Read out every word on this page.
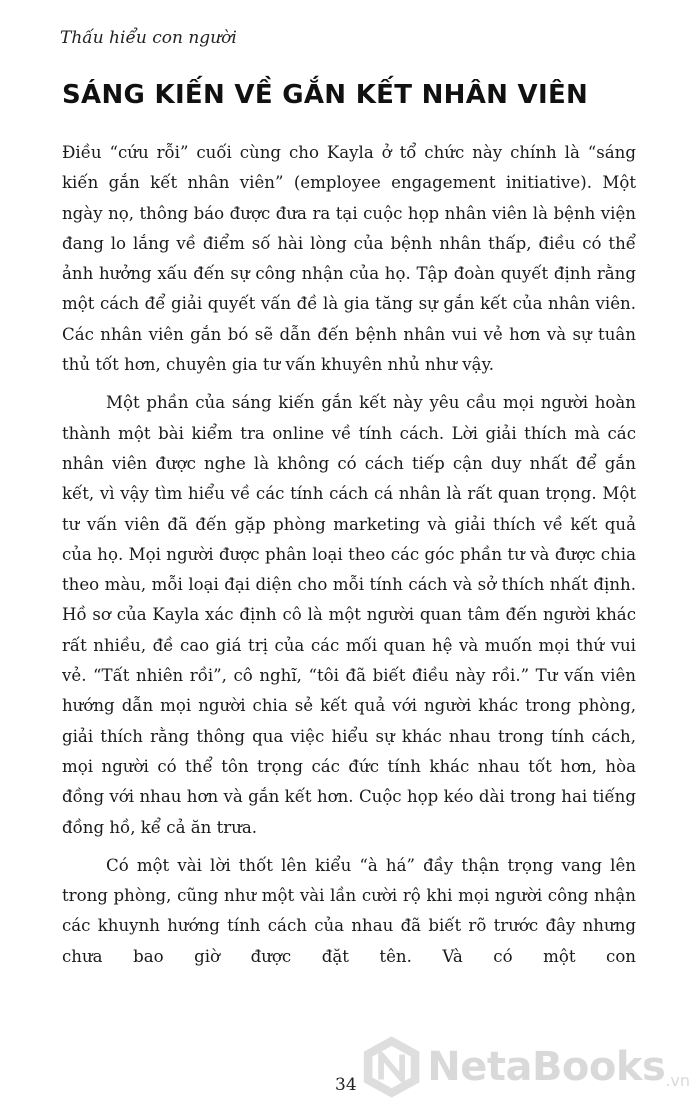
Thấu hiểu con người
SÁNG KIẾN VỀ GẮN KẾT NHÂN VIÊN

Điều “cứu rỗi” cuối cùng cho Kayla ở tổ chức này chính là “sáng kiến gắn kết nhân viên” (employee engagement initiative). Một ngày nọ, thông báo được đưa ra tại cuộc họp nhân viên là bệnh viện đang lo lắng về điểm số hài lòng của bệnh nhân thấp, điều có thể ảnh hưởng xấu đến sự công nhận của họ. Tập đoàn quyết định rằng một cách để giải quyết vấn đề là gia tăng sự gắn kết của nhân viên. Các nhân viên gắn bó sẽ dẫn đến bệnh nhân vui vẻ hơn và sự tuân thủ tốt hơn, chuyên gia tư vấn khuyên nhủ như vậy.

Một phần của sáng kiến gắn kết này yêu cầu mọi người hoàn thành một bài kiểm tra online về tính cách. Lời giải thích mà các nhân viên được nghe là không có cách tiếp cận duy nhất để gắn kết, vì vậy tìm hiểu về các tính cách cá nhân là rất quan trọng. Một tư vấn viên đã đến gặp phòng marketing và giải thích về kết quả của họ. Mọi người được phân loại theo các góc phần tư và được chia theo màu, mỗi loại đại diện cho mỗi tính cách và sở thích nhất định. Hồ sơ của Kayla xác định cô là một người quan tâm đến người khác rất nhiều, đề cao giá trị của các mối quan hệ và muốn mọi thứ vui vẻ. “Tất nhiên rồi”, cô nghĩ, “tôi đã biết điều này rồi.” Tư vấn viên hướng dẫn mọi người chia sẻ kết quả với người khác trong phòng, giải thích rằng thông qua việc hiểu sự khác nhau trong tính cách, mọi người có thể tôn trọng các đức tính khác nhau tốt hơn, hòa đồng với nhau hơn và gắn kết hơn. Cuộc họp kéo dài trong hai tiếng đồng hồ, kể cả ăn trưa.

Có một vài lời thốt lên kiểu “à há” đầy thận trọng vang lên trong phòng, cũng như một vài lần cười rộ khi mọi người công nhận các khuynh hướng tính cách của nhau đã biết rõ trước đây nhưng chưa bao giờ được đặt tên. Và có một con

34 NetaBooks .vn
